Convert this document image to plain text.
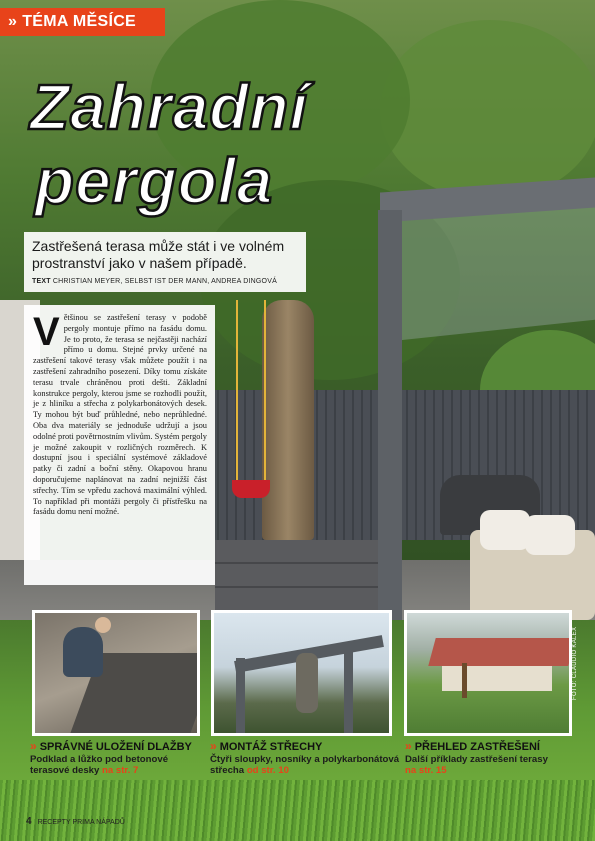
» TÉMA MĚSÍCE
Zahradní
pergola
Zastřešená terasa může stát i ve volném prostranství jako v našem případě.
TEXT CHRISTIAN MEYER, SELBST IST DER MANN, ANDREA DINGOVÁ
Většinou se zastřešení terasy v podobě pergoly montuje přímo na fasádu domu. Je to proto, že terasa se nejčastěji nachází přímo u domu. Stejné prvky určené na zastřešení takové terasy však můžete použít i na zastřešení zahradního posezení. Díky tomu získáte terasu trvale chráněnou proti dešti. Základní konstrukce pergoly, kterou jsme se rozhodli použít, je z hliníku a střecha z polykarbonátových desek. Ty mohou být buď průhledné, nebo neprůhledné. Oba dva materiály se jednoduše udržují a jsou odolné proti povětrnostním vlivům. Systém pergoly je možné zakoupit v rozličných rozměrech. K dostupní jsou i speciální systémové základové patky či zadní a boční stěny. Okapovou hranu doporučujeme naplánovat na zadní nejnižší část střechy. Tím se vpředu zachová maximální výhled. To například při montáži pergoly či přístřešku na fasádu domu není možné.
FOTO: CLAUDIO KALEX
» SPRÁVNÉ ULOŽENÍ DLAŽBY
Podklad a lůžko pod betonové terasové desky na str. 7
» MONTÁŽ STŘECHY
Čtyři sloupky, nosníky a polykarbonátová střecha od str. 10
» PŘEHLED ZASTŘEŠENÍ
Další příklady zastřešení terasy
na str. 15
4 RECEPTY PRIMA NÁPADŮ
